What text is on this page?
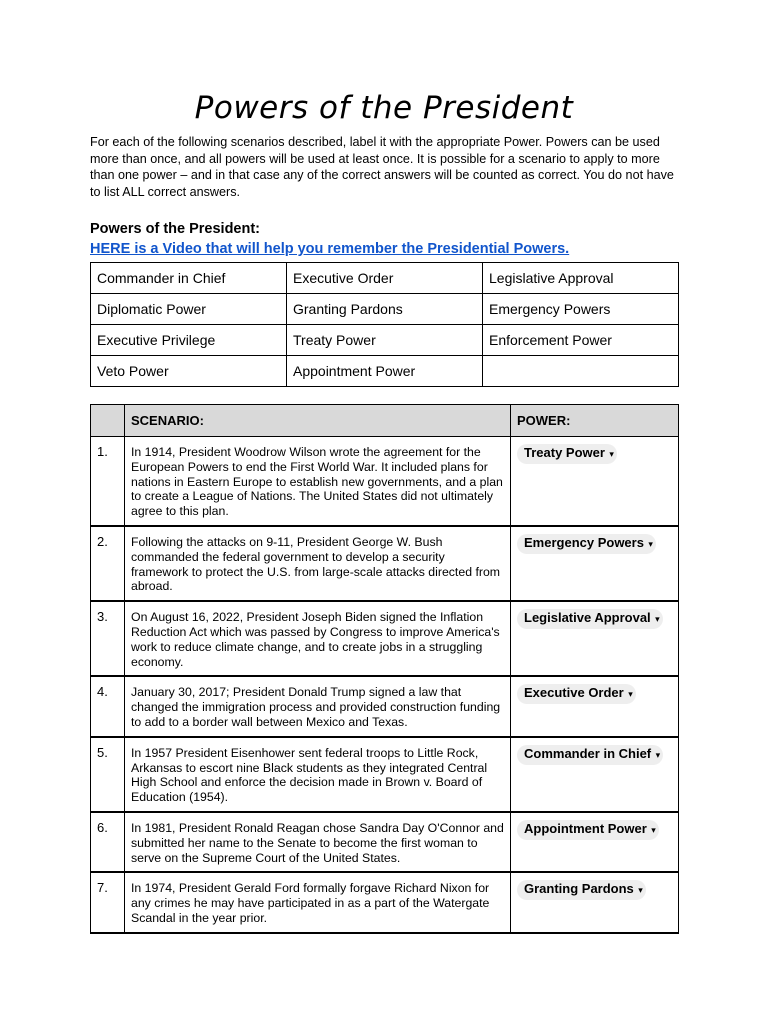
Powers of the President
For each of the following scenarios described, label it with the appropriate Power. Powers can be used more than once, and all powers will be used at least once. It is possible for a scenario to apply to more than one power – and in that case any of the correct answers will be counted as correct. You do not have to list ALL correct answers.
Powers of the President:
HERE is a Video that will help you remember the Presidential Powers.
Commander in Chief	Executive Order	Legislative Approval
Diplomatic Power	Granting Pardons	Emergency Powers
Executive Privilege	Treaty Power	Enforcement Power
Veto Power	Appointment Power	
	SCENARIO:	POWER:
1.	In 1914, President Woodrow Wilson wrote the agreement for the European Powers to end the First World War. It included plans for nations in Eastern Europe to establish new governments, and a plan to create a League of Nations. The United States did not ultimately agree to this plan.	Treaty Power ▾

2.	Following the attacks on 9-11, President George W. Bush commanded the federal government to develop a security framework to protect the U.S. from large-scale attacks directed from abroad.	Emergency Powers ▾

3.	On August 16, 2022, President Joseph Biden signed the Inflation Reduction Act which was passed by Congress to improve America's work to reduce climate change, and to create jobs in a struggling economy.	Legislative Approval ▾

4.	January 30, 2017; President Donald Trump signed a law that changed the immigration process and provided construction funding to add to a border wall between Mexico and Texas.	Executive Order ▾

5.	In 1957 President Eisenhower sent federal troops to Little Rock, Arkansas to escort nine Black students as they integrated Central High School and enforce the decision made in Brown v. Board of Education (1954).	Commander in Chief ▾

6.	In 1981, President Ronald Reagan chose Sandra Day O'Connor and submitted her name to the Senate to become the first woman to serve on the Supreme Court of the United States.	Appointment Power ▾

7.	In 1974, President Gerald Ford formally forgave Richard Nixon for any crimes he may have participated in as a part of the Watergate Scandal in the year prior.	Granting Pardons ▾
